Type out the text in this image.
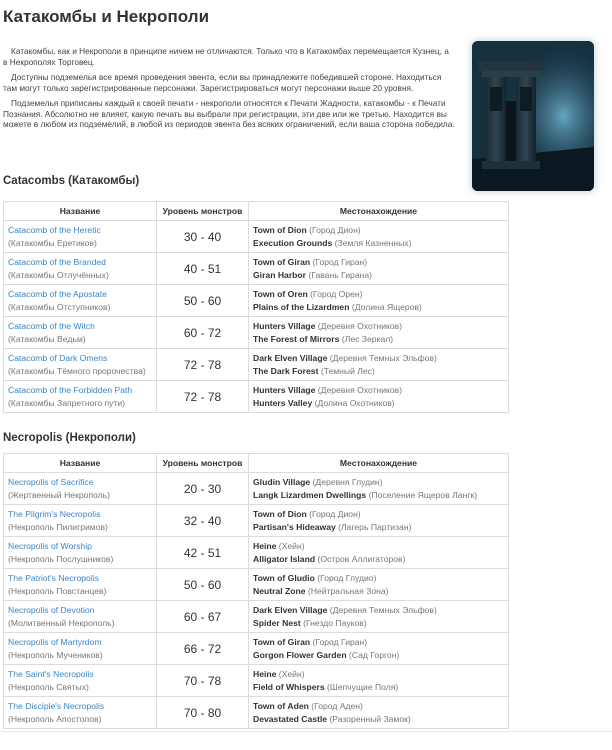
Катакомбы и Некрополи

Катакомбы, как и Некрополи в принципе ничем не отличаются. Только что в Катакомбах перемещается Кузнец, а в Некрополях Торговец.

Доступны подземелья все время проведения эвента, если вы принадлежите победившей стороне. Находиться там могут только зарегистрированные персонажи. Зарегистрироваться могут персонажи выше 20 уровня.

Подземелья приписаны каждый к своей печати - некрополи относятся к Печати Жадности, катакомбы - к Печати Познания. Абсолютно не влияет, какую печать вы выбрали при регистрации, эти две или же третью. Находится вы можете в любом из подземелий, в любой из периодов эвента без всяких ограничений, если ваша сторона победила.

Catacombs (Катакомбы)
Название	Уровень монстров	Местонахождение

Catacomb of the Heretic
(Катакомбы Еретиков)	30 - 40	Town of Dion (Город Дион)
Execution Grounds (Земля Казненных)

Catacomb of the Branded
(Катакомбы Отлучённых)	40 - 51	Town of Giran (Город Гиран)
Giran Harbor (Гавань Гирана)

Catacomb of the Apostate
(Катакомбы Отступников)	50 - 60	Town of Oren (Город Орен)
Plains of the Lizardmen (Долина Ящеров)

Catacomb of the Witch
(Катакомбы Ведьм)	60 - 72	Hunters Village (Деревня Охотников)
The Forest of Mirrors (Лес Зеркал)

Catacomb of Dark Omens
(Катакомбы Тёмного пророчества)	72 - 78	Dark Elven Village (Деревня Темных Эльфов)
The Dark Forest (Темный Лес)

Catacomb of the Forbidden Path
(Катакомбы Запретного пути)	72 - 78	Hunters Village (Деревня Охотников)
Hunters Valley (Долина Охотников)
Necropolis (Некрополи)
Название	Уровень монстров	Местонахождение

Necropolis of Sacrifice
(Жертвенный Некрополь)	20 - 30	Gludin Village (Деревня Глудин)
Langk Lizardmen Dwellings (Поселение Ящеров Лангк)

The Pilgrim's Necropolis
(Некрополь Пилигримов)	32 - 40	Town of Dion (Город Дион)
Partisan's Hideaway (Лагерь Партизан)

Necropolis of Worship
(Некрополь Послушников)	42 - 51	Heine (Хейн)
Alligator Island (Остров Аллигаторов)

The Patriot's Necropolis
(Некрополь Повстанцев)	50 - 60	Town of Gludio (Город Глудио)
Neutral Zone (Нейтральная Зона)

Necropolis of Devotion
(Молитвенный Некрополь)	60 - 67	Dark Elven Village (Деревня Темных Эльфов)
Spider Nest (Гнездо Пауков)

Necropolis of Martyrdom
(Некрополь Мучеников)	66 - 72	Town of Giran (Город Гиран)
Gorgon Flower Garden (Сад Горгон)

The Saint's Necropolis
(Некрополь Святых)	70 - 78	Heine (Хейн)
Field of Whispers (Шепчущие Поля)

The Disciple's Necropolis
(Некрополь Апостолов)	70 - 80	Town of Aden (Город Аден)
Devastated Castle (Разоренный Замок)
